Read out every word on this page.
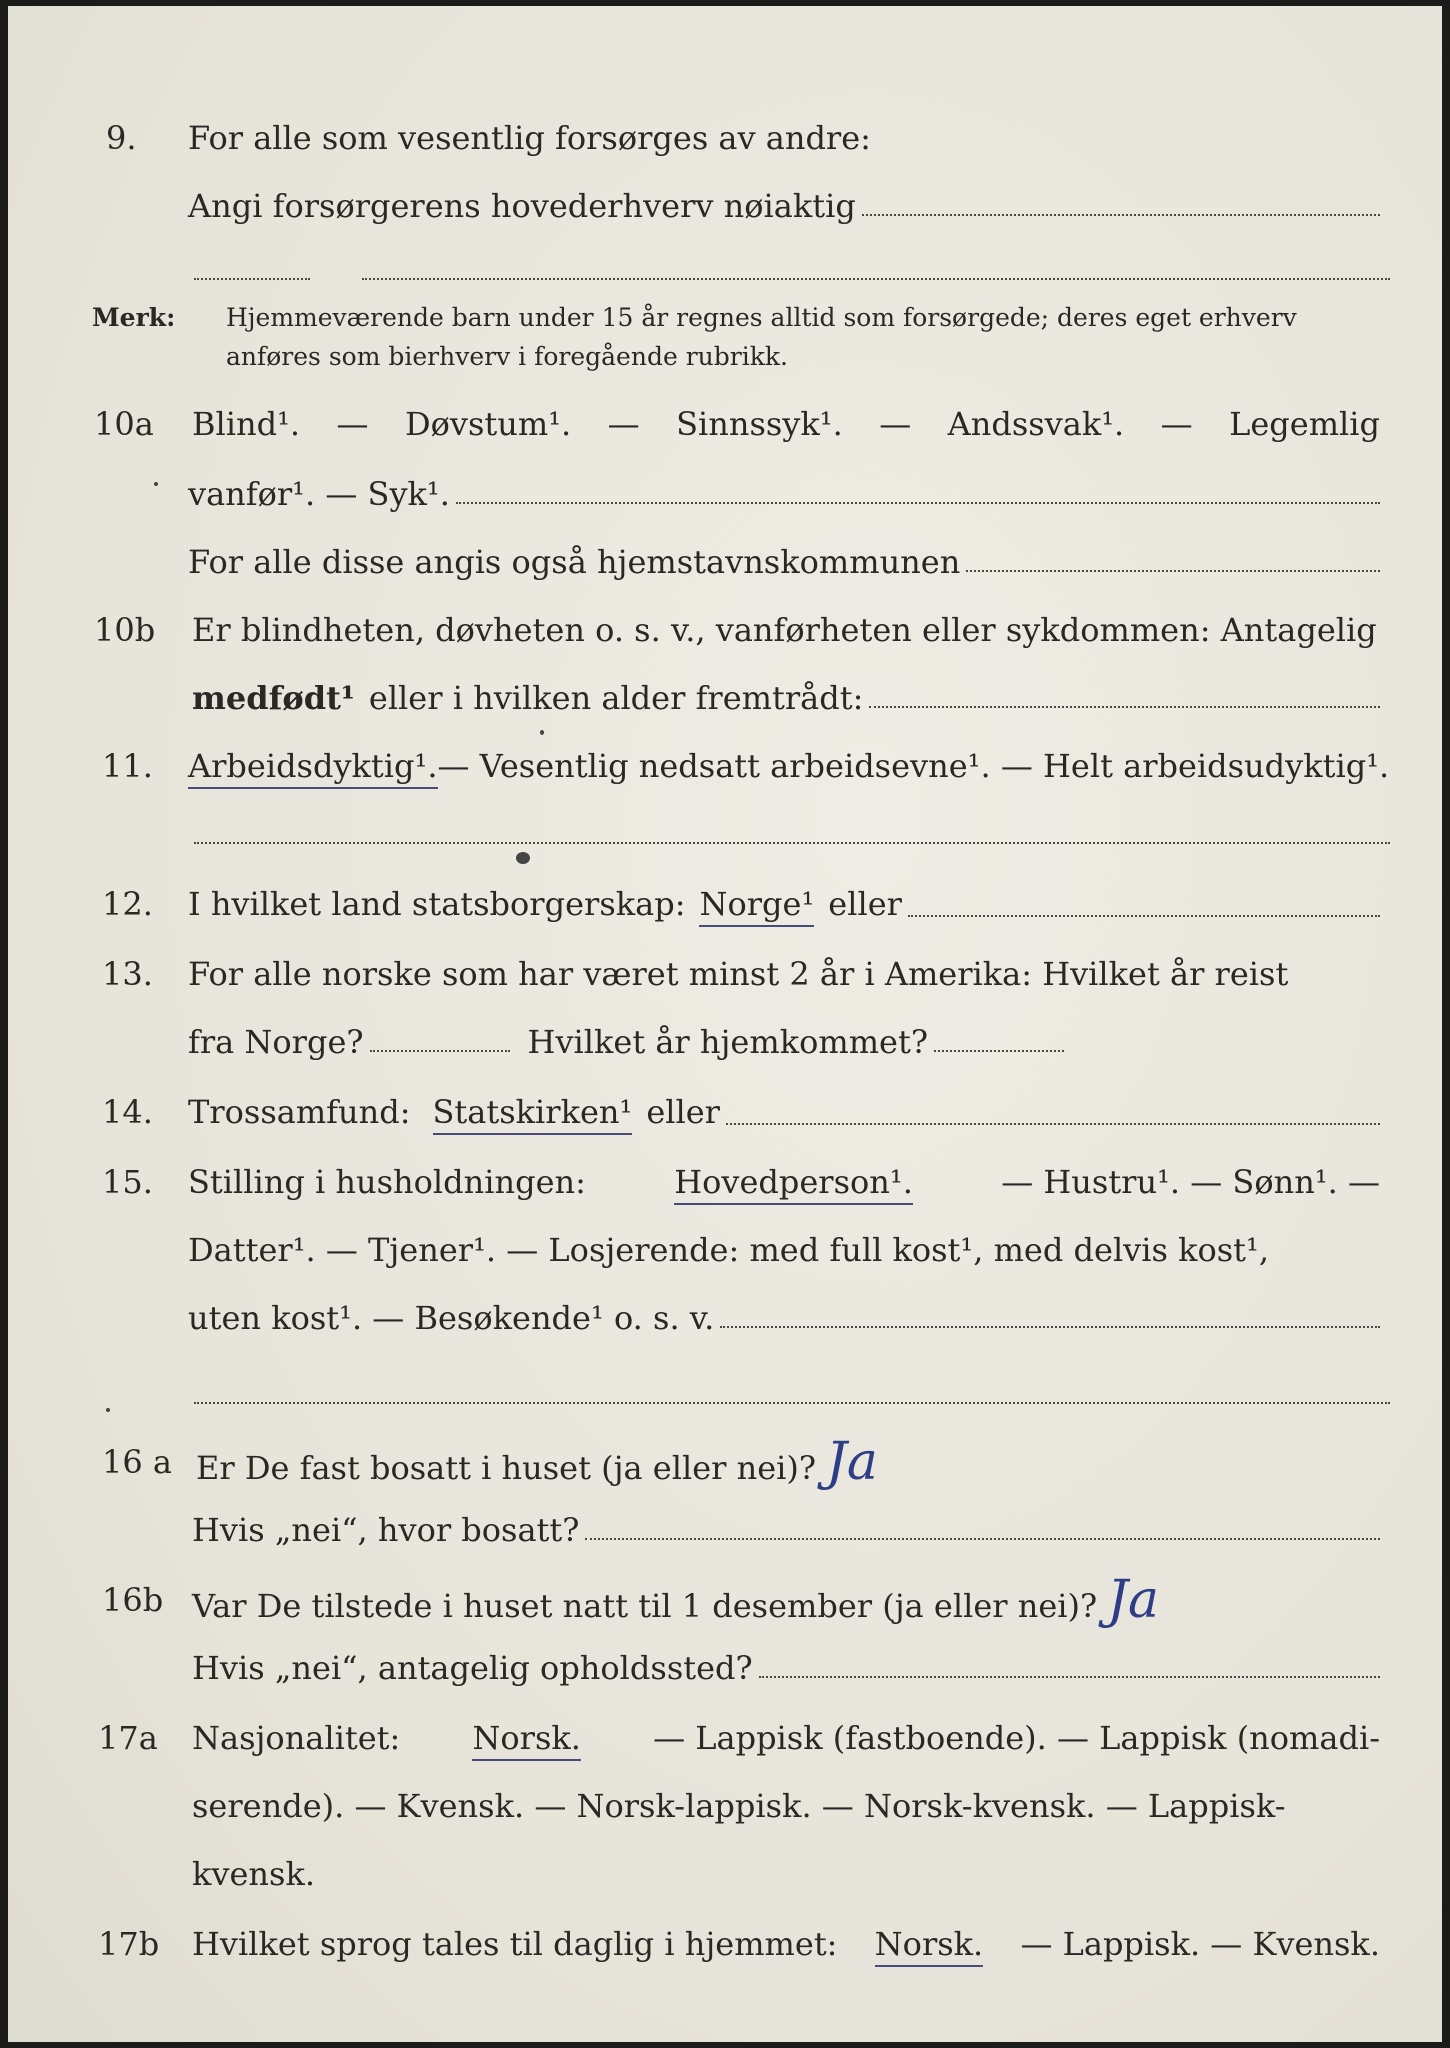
9. For alle som vesentlig forsørges av andre:
Angi forsørgerens hovederhverv nøiaktig
Merk: Hjemmeværende barn under 15 år regnes alltid som forsørgede; deres eget erhverv
anføres som bierhverv i foregående rubrikk.
10a Blind¹. — Døvstum¹. — Sinnssyk¹. — Andssvak¹. — Legemlig
vanfør¹. — Syk¹.
For alle disse angis også hjemstavnskommunen
10b Er blindheten, døvheten o. s. v., vanførheten eller sykdommen: Antagelig
medfødt¹ eller i hvilken alder fremtrådt:
11. Arbeidsdyktig¹. — Vesentlig nedsatt arbeidsevne¹. — Helt arbeidsudyktig¹.
12. I hvilket land statsborgerskap: Norge¹ eller
13. For alle norske som har været minst 2 år i Amerika: Hvilket år reist
fra Norge?	Hvilket år hjemkommet?
14. Trossamfund: Statskirken¹ eller
15. Stilling i husholdningen:	Hovedperson¹.	— Hustru¹. — Sønn¹. —
Datter¹. — Tjener¹. — Losjerende: med full kost¹, med delvis kost¹,
uten kost¹. — Besøkende¹ o. s. v.
16 a Er De fast bosatt i huset (ja eller nei)? Ja
Hvis „nei“, hvor bosatt?
16b Var De tilstede i huset natt til 1 desember (ja eller nei)? Ja
Hvis „nei“, antagelig opholdssted?
17a Nasjonalitet: Norsk. — Lappisk (fastboende). — Lappisk (nomadi-
serende). — Kvensk. — Norsk-lappisk. — Norsk-kvensk. — Lappisk-
kvensk.
17b Hvilket sprog tales til daglig i hjemmet: Norsk. — Lappisk. — Kvensk.
